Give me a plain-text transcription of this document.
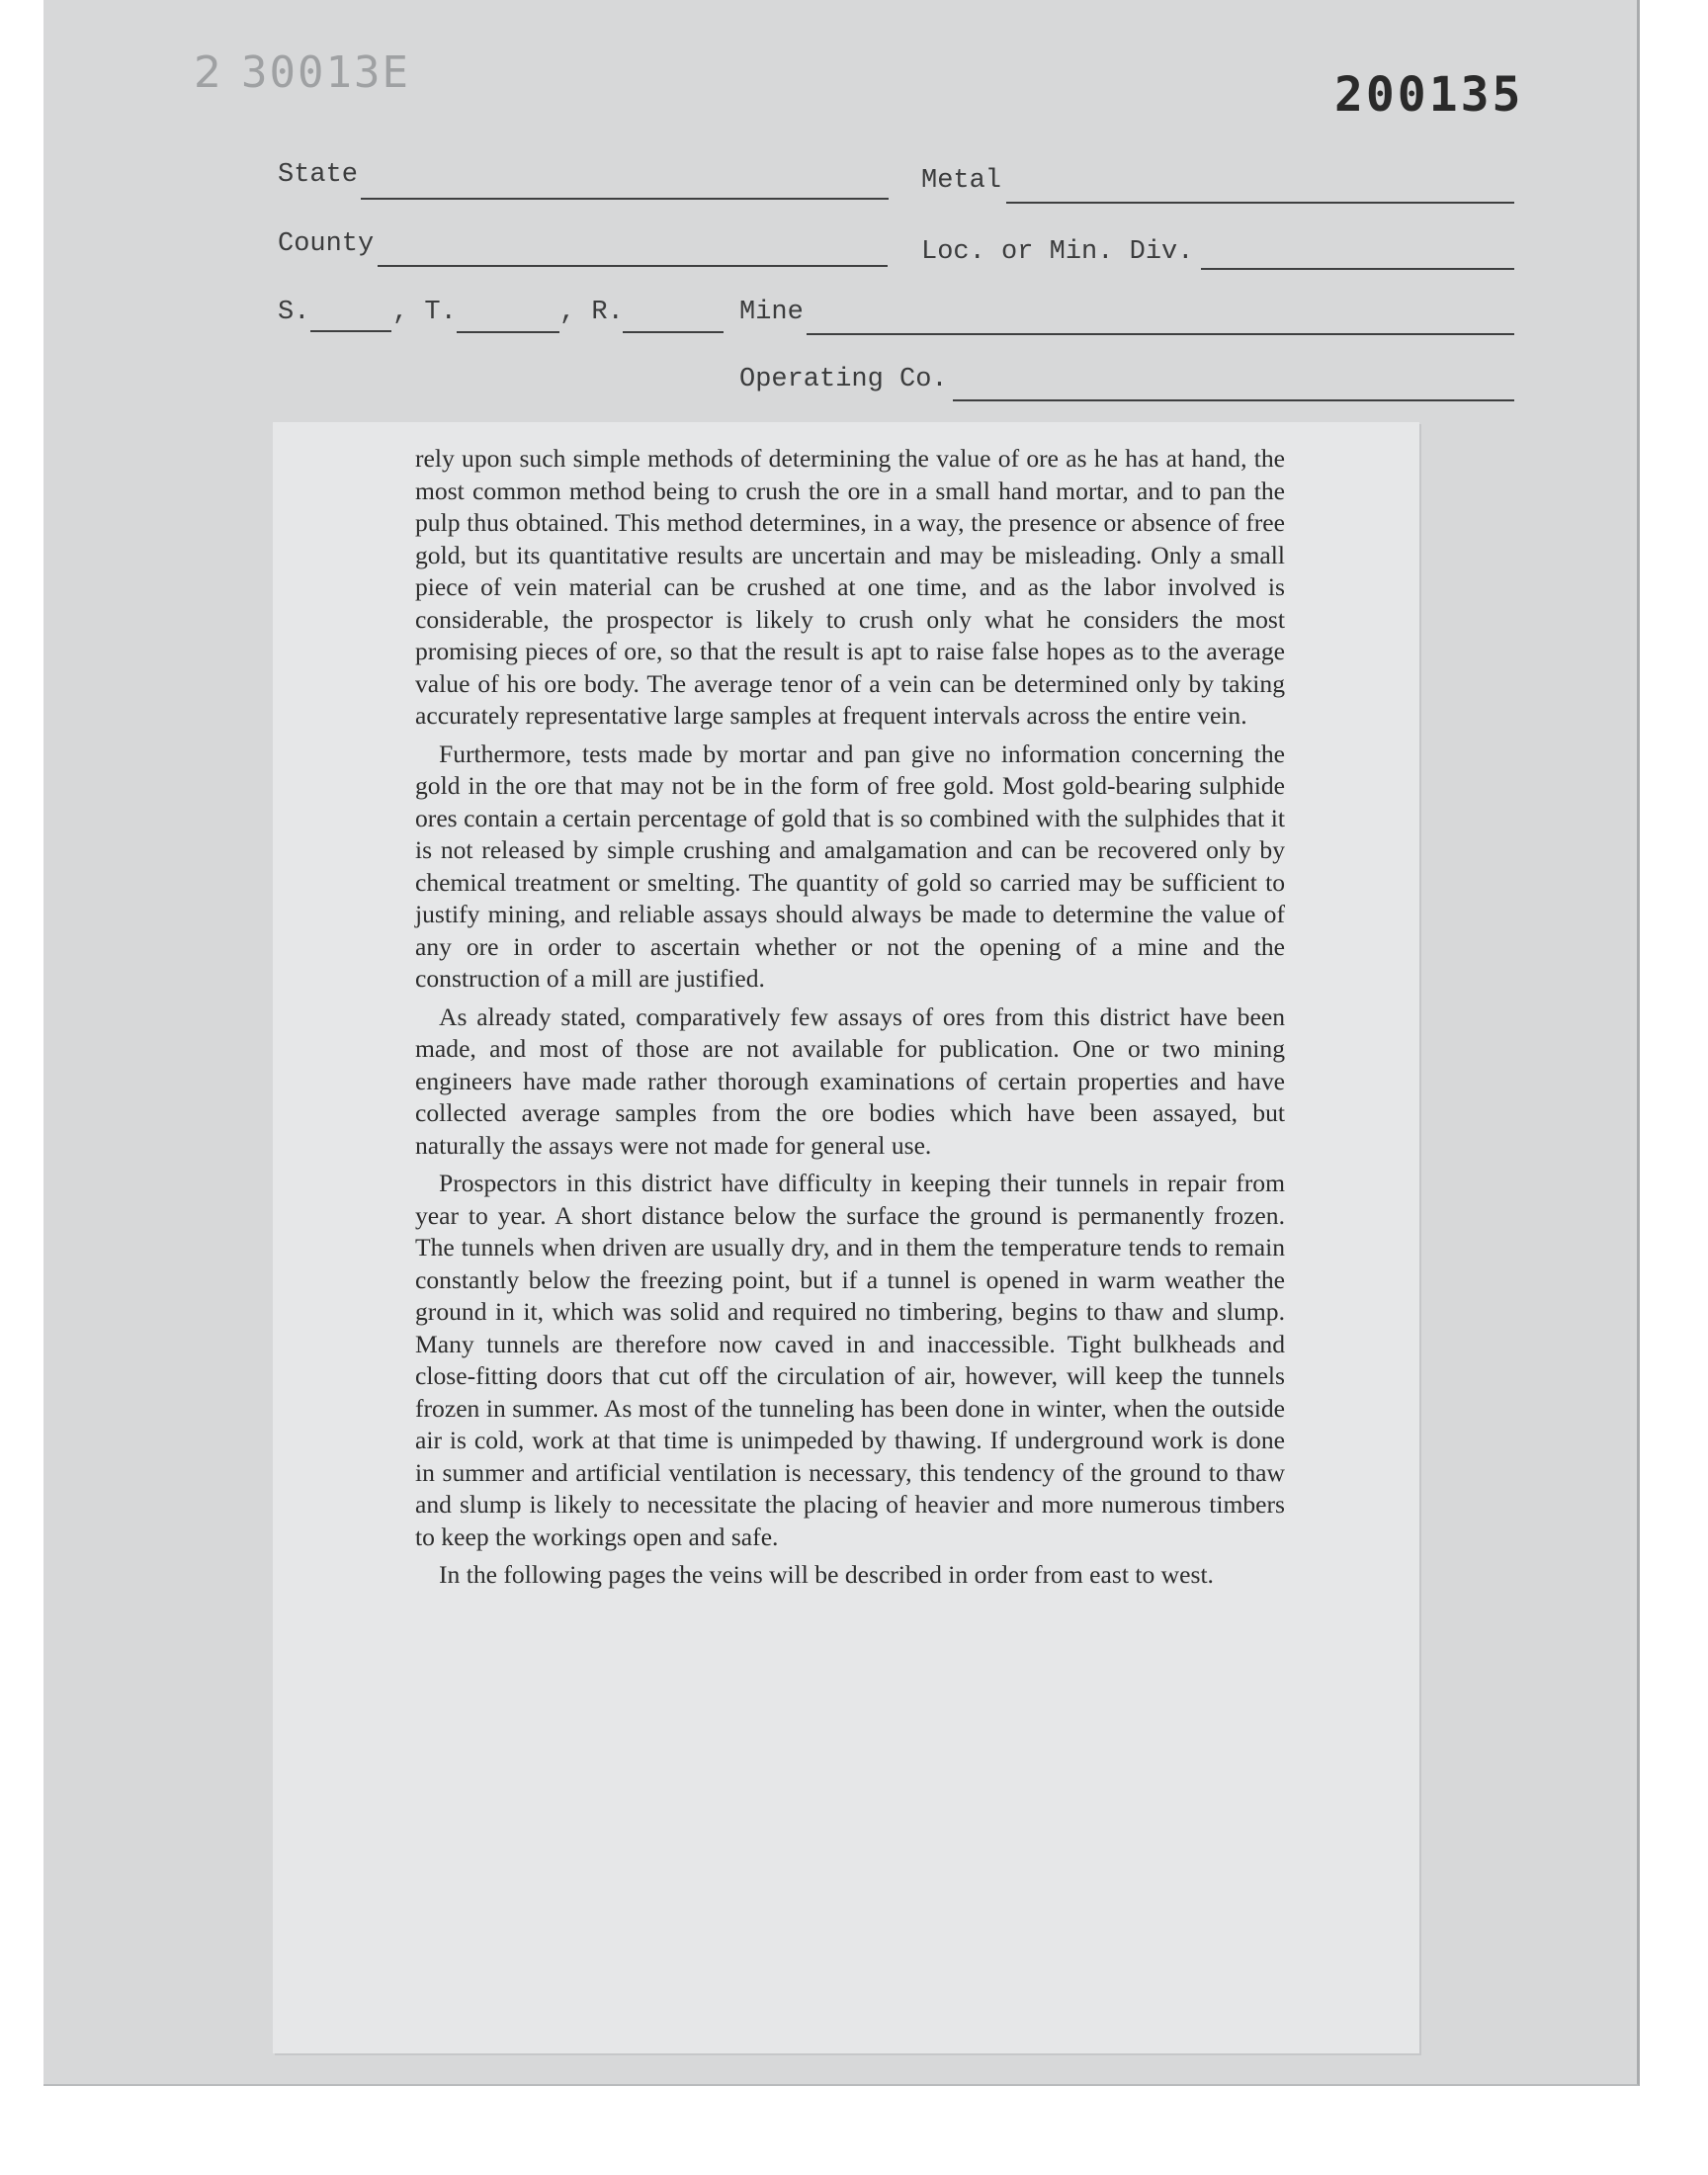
2 3001ЗЕ	200135
State	Metal
County	Loc. or Min. Div.
S.	, T.	, R.	Mine
Operating Co.

rely upon such simple methods of determining the value of ore as he has at hand, the most common method being to crush the ore in a small hand mortar, and to pan the pulp thus obtained. This method determines, in a way, the presence or absence of free gold, but its quantitative results are uncertain and may be misleading. Only a small piece of vein material can be crushed at one time, and as the labor involved is considerable, the prospector is likely to crush only what he considers the most promising pieces of ore, so that the result is apt to raise false hopes as to the average value of his ore body. The average tenor of a vein can be determined only by taking accurately representative large samples at frequent intervals across the entire vein.

Furthermore, tests made by mortar and pan give no information concerning the gold in the ore that may not be in the form of free gold. Most gold-bearing sulphide ores contain a certain percentage of gold that is so combined with the sulphides that it is not released by simple crushing and amalgamation and can be recovered only by chemical treatment or smelting. The quantity of gold so carried may be sufficient to justify mining, and reliable assays should always be made to determine the value of any ore in order to ascertain whether or not the opening of a mine and the construction of a mill are justified.

As already stated, comparatively few assays of ores from this district have been made, and most of those are not available for publication. One or two mining engineers have made rather thorough examinations of certain properties and have collected average samples from the ore bodies which have been assayed, but naturally the assays were not made for general use.

Prospectors in this district have difficulty in keeping their tunnels in repair from year to year. A short distance below the surface the ground is permanently frozen. The tunnels when driven are usually dry, and in them the temperature tends to remain constantly below the freezing point, but if a tunnel is opened in warm weather the ground in it, which was solid and required no timbering, begins to thaw and slump. Many tunnels are therefore now caved in and inaccessible. Tight bulkheads and close-fitting doors that cut off the circulation of air, however, will keep the tunnels frozen in summer. As most of the tunneling has been done in winter, when the outside air is cold, work at that time is unimpeded by thawing. If underground work is done in summer and artificial ventilation is necessary, this tendency of the ground to thaw and slump is likely to necessitate the placing of heavier and more numerous timbers to keep the workings open and safe.

In the following pages the veins will be described in order from east to west.
